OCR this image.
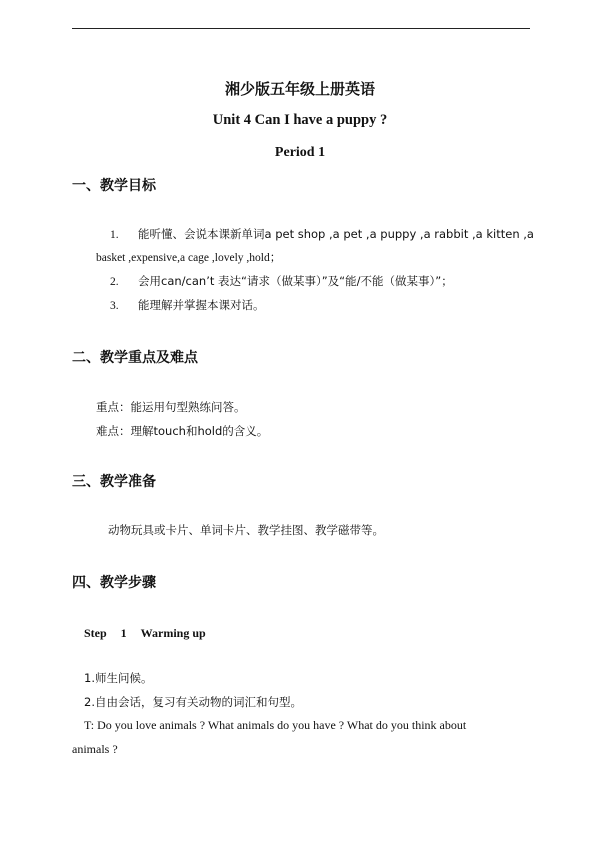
湘少版五年级上册英语
Unit 4 Can I have a puppy ?
Period 1
一、教学目标
1. 能听懂、会说本课新单词a pet shop ,a pet ,a puppy ,a rabbit ,a kitten ,a
basket ,expensive,a cage ,lovely ,hold；
2. 会用can/can’t 表达“请求（做某事）”及“能/不能（做某事）”；
3. 能理解并掌握本课对话。
二、教学重点及难点
重点：能运用句型熟练问答。
难点：理解touch和hold的含义。
三、教学准备
动物玩具或卡片、单词卡片、教学挂图、教学磁带等。
四、教学步骤
Step 1 Warming up
1.师生问候。
2.自由会话，复习有关动物的词汇和句型。
T: Do you love animals ? What animals do you have ? What do you think about
animals ?
